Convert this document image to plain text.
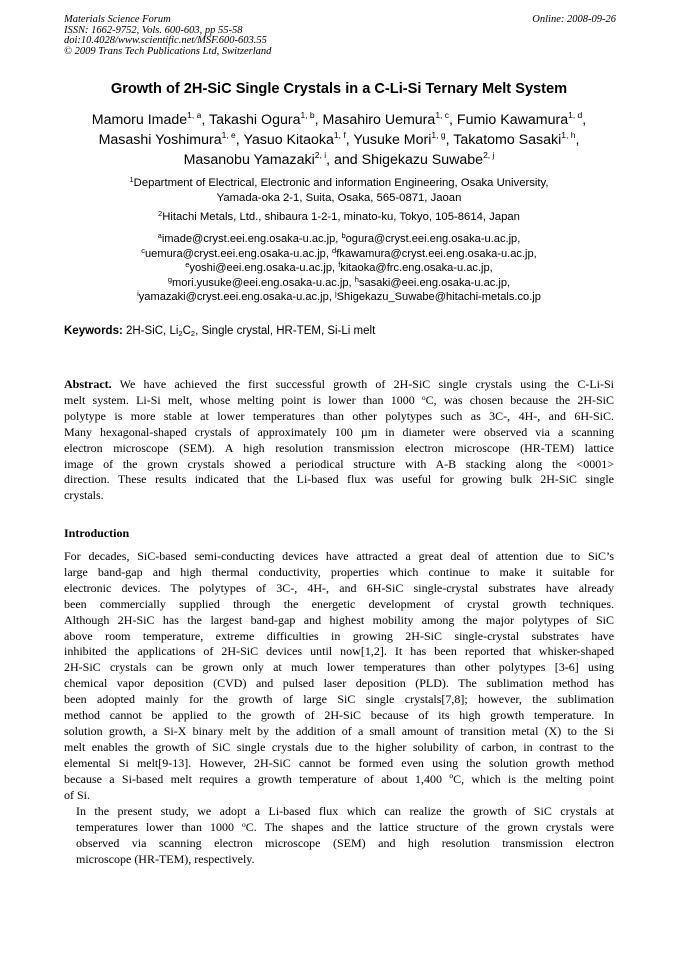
Materials Science Forum
ISSN: 1662-9752, Vols. 600-603, pp 55-58
doi:10.4028/www.scientific.net/MSF.600-603.55
© 2009 Trans Tech Publications Ltd, Switzerland
Online: 2008-09-26
Growth of 2H-SiC Single Crystals in a C-Li-Si Ternary Melt System
Mamoru Imade$^{1, a}$, Takashi Ogura$^{1, b}$, Masahiro Uemura$^{1, c}$, Fumio Kawamura$^{1, d}$,
Masashi Yoshimura$^{1, e}$, Yasuo Kitaoka$^{1, f}$, Yusuke Mori$^{1, g}$, Takatomo Sasaki$^{1, h}$,
Masanobu Yamazaki$^{2, i}$, and Shigekazu Suwabe$^{2, j}$
$^1$Department of Electrical, Electronic and information Engineering, Osaka University,
Yamada-oka 2-1, Suita, Osaka, 565-0871, Jaoan
$^2$Hitachi Metals, Ltd., shibaura 1-2-1, minato-ku, Tokyo, 105-8614, Japan
$^a$imade@cryst.eei.eng.osaka-u.ac.jp, $^b$ogura@cryst.eei.eng.osaka-u.ac.jp,
$^c$uemura@cryst.eei.eng.osaka-u.ac.jp, $^d$fkawamura@cryst.eei.eng.osaka-u.ac.jp,
$^e$yoshi@eei.eng.osaka-u.ac.jp, $^f$kitaoka@frc.eng.osaka-u.ac.jp,
$^g$mori.yusuke@eei.eng.osaka-u.ac.jp, $^h$sasaki@eei.eng.osaka-u.ac.jp,
$^i$yamazaki@cryst.eei.eng.osaka-u.ac.jp, $^j$Shigekazu_Suwabe@hitachi-metals.co.jp
Keywords: 2H-SiC, $Li_2C_2$, Single crystal, HR-TEM, Si-Li melt
Abstract. We have achieved the first successful growth of 2H-SiC single crystals using the C-Li-Si
melt system. Li-Si melt, whose melting point is lower than 1000 $^o$C, was chosen because the 2H-SiC
polytype is more stable at lower temperatures than other polytypes such as 3C-, 4H-, and 6H-SiC.
Many hexagonal-shaped crystals of approximately 100 µm in diameter were observed via a scanning
electron microscope (SEM). A high resolution transmission electron microscope (HR-TEM) lattice
image of the grown crystals showed a periodical structure with A-B stacking along the <0001>
direction. These results indicated that the Li-based flux was useful for growing bulk 2H-SiC single
crystals.
Introduction
For decades, SiC-based semi-conducting devices have attracted a great deal of attention due to SiC’s
large band-gap and high thermal conductivity, properties which continue to make it suitable for
electronic devices. The polytypes of 3C-, 4H-, and 6H-SiC single-crystal substrates have already
been commercially supplied through the energetic development of crystal growth techniques.
Although 2H-SiC has the largest band-gap and highest mobility among the major polytypes of SiC
above room temperature, extreme difficulties in growing 2H-SiC single-crystal substrates have
inhibited the applications of 2H-SiC devices until now[1,2]. It has been reported that whisker-shaped
2H-SiC crystals can be grown only at much lower temperatures than other polytypes [3-6] using
chemical vapor deposition (CVD) and pulsed laser deposition (PLD). The sublimation method has
been adopted mainly for the growth of large SiC single crystals[7,8]; however, the sublimation
method cannot be applied to the growth of 2H-SiC because of its high growth temperature. In
solution growth, a Si-X binary melt by the addition of a small amount of transition metal (X) to the Si
melt enables the growth of SiC single crystals due to the higher solubility of carbon, in contrast to the
elemental Si melt[9-13]. However, 2H-SiC cannot be formed even using the solution growth method
because a Si-based melt requires a growth temperature of about 1,400 ºC, which is the melting point
of Si.
In the present study, we adopt a Li-based flux which can realize the growth of SiC crystals at
temperatures lower than 1000 $^o$C. The shapes and the lattice structure of the grown crystals were
observed via scanning electron microscope (SEM) and high resolution transmission electron
microscope (HR-TEM), respectively.
